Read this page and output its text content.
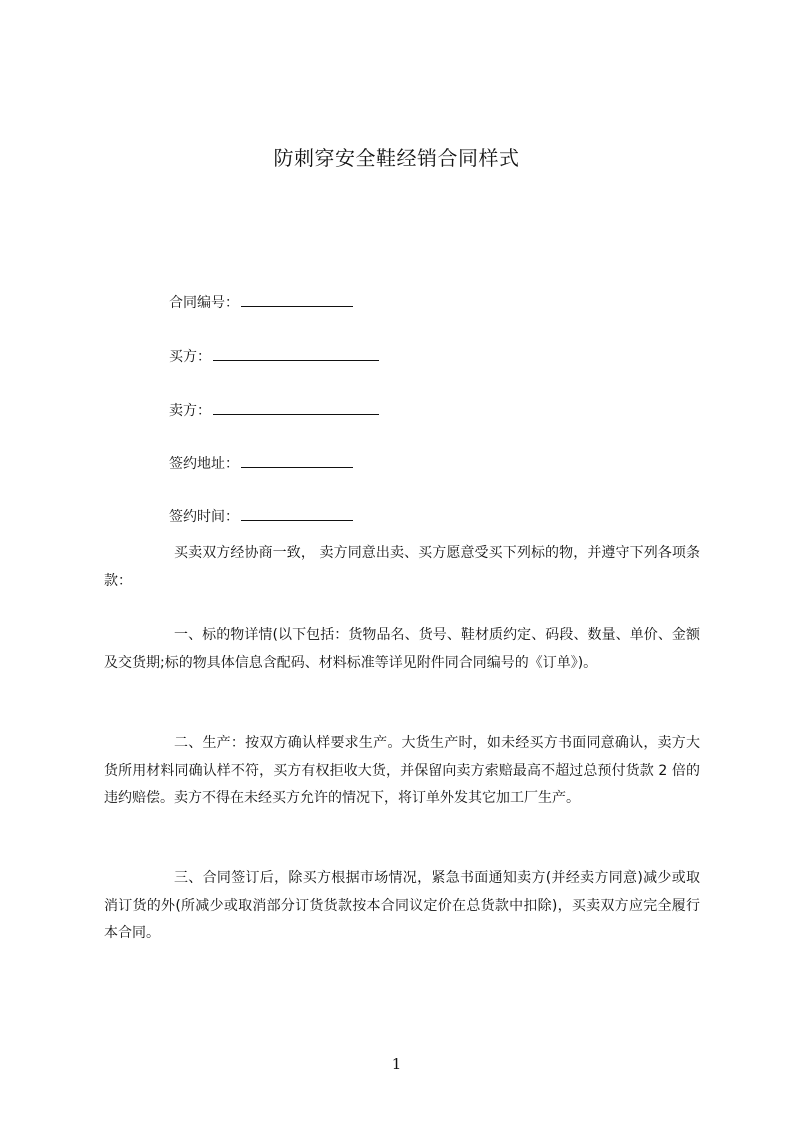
防刺穿安全鞋经销合同样式
合同编号：
买方：
卖方：
签约地址：
签约时间：

买卖双方经协商一致， 卖方同意出卖、买方愿意受买下列标的物，并遵守下列各项条款：

一、标的物详情(以下包括：货物品名、货号、鞋材质约定、码段、数量、单价、金额及交货期;标的物具体信息含配码、材料标准等详见附件同合同编号的《订单》)。

二、生产：按双方确认样要求生产。大货生产时，如未经买方书面同意确认，卖方大货所用材料同确认样不符，买方有权拒收大货，并保留向卖方索赔最高不超过总预付货款 2 倍的违约赔偿。卖方不得在未经买方允许的情况下，将订单外发其它加工厂生产。

三、合同签订后，除买方根据市场情况，紧急书面通知卖方(并经卖方同意)减少或取消订货的外(所减少或取消部分订货货款按本合同议定价在总货款中扣除)，买卖双方应完全履行本合同。

1
